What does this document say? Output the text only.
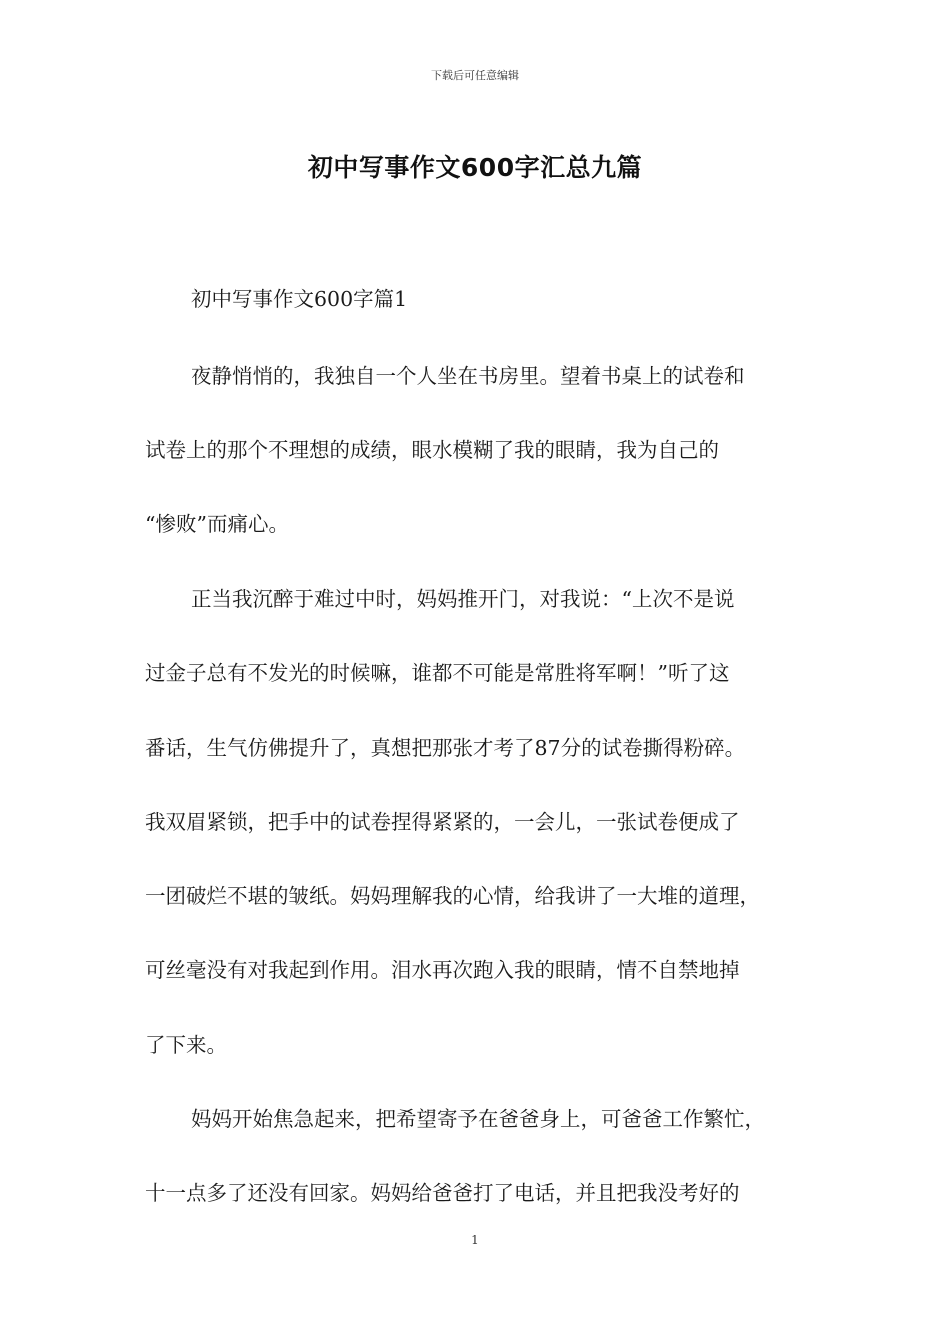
下载后可任意编辑
初中写事作文600字汇总九篇
初中写事作文600字篇1
夜静悄悄的，我独自一个人坐在书房里。望着书桌上的试卷和
试卷上的那个不理想的成绩，眼水模糊了我的眼睛，我为自己的
“惨败”而痛心。
正当我沉醉于难过中时，妈妈推开门，对我说：“上次不是说
过金子总有不发光的时候嘛，谁都不可能是常胜将军啊！”听了这
番话，生气仿佛提升了，真想把那张才考了87分的试卷撕得粉碎。
我双眉紧锁，把手中的试卷捏得紧紧的，一会儿，一张试卷便成了
一团破烂不堪的皱纸。妈妈理解我的心情，给我讲了一大堆的道理，
可丝毫没有对我起到作用。泪水再次跑入我的眼睛，情不自禁地掉
了下来。
妈妈开始焦急起来，把希望寄予在爸爸身上，可爸爸工作繁忙，
十一点多了还没有回家。妈妈给爸爸打了电话，并且把我没考好的
1
